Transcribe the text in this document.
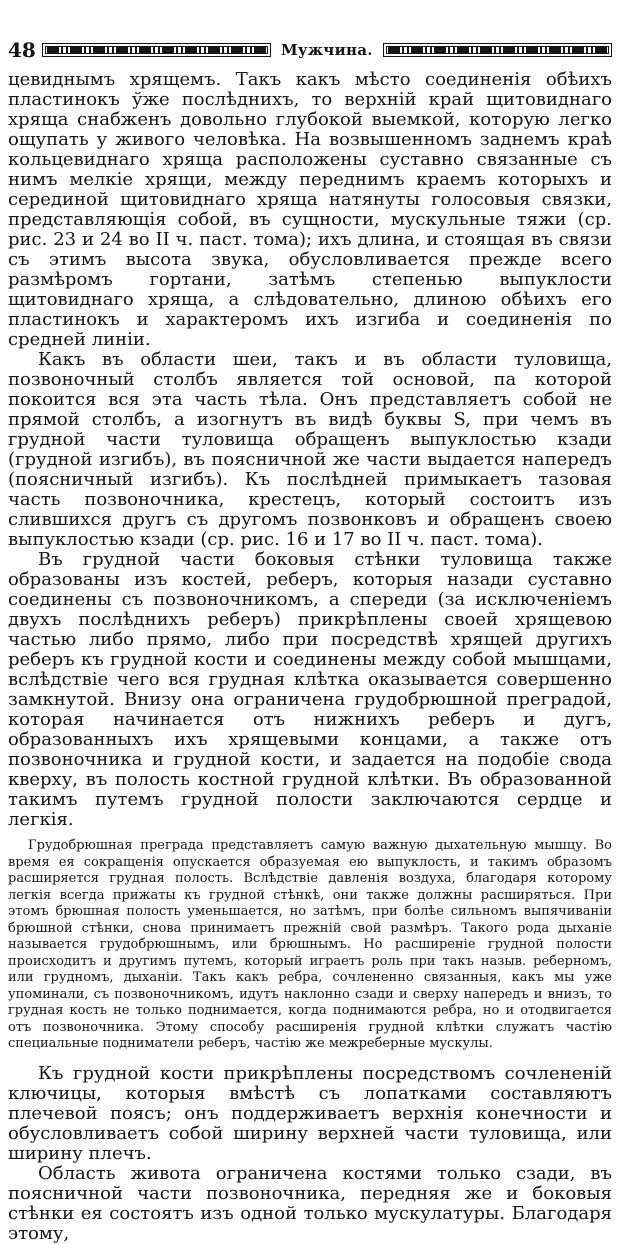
48	Мужчина.

цевиднымъ хрящемъ. Такъ какъ мѣсто соединенія обѣихъ пластинокъ ўже послѣднихъ, то верхній край щитовиднаго хряща снабженъ довольно глубокой выемкой, которую легко ощупать у живого человѣка. На возвышенномъ заднемъ краѣ кольцевиднаго хряща расположены суставно связанные съ нимъ мелкіе хрящи, между переднимъ краемъ которыхъ и серединой щитовиднаго хряща натянуты голосовыя связки, представляющія собой, въ сущности, мускульные тяжи (ср. рис. 23 и 24 во II ч. паст. тома); ихъ длина, и стоящая въ связи съ этимъ высота звука, обусловливается прежде всего размѣромъ гортани, затѣмъ степенью выпуклости щитовиднаго хряща, а слѣдовательно, длиною обѣихъ его пластинокъ и характеромъ ихъ изгиба и соединенія по средней линіи.

Какъ въ области шеи, такъ и въ области туловища, позвоночный столбъ является той основой, па которой покоится вся эта часть тѣла. Онъ представляетъ собой не прямой столбъ, а изогнутъ въ видѣ буквы S, при чемъ въ грудной части туловища обращенъ выпуклостью кзади (грудной изгибъ), въ поясничной же части выдается напередъ (поясничный изгибъ). Къ послѣдней примыкаетъ тазовая часть позвоночника, крестецъ, который состоитъ изъ слившихся другъ съ другомъ позвонковъ и обращенъ своею выпуклостью кзади (ср. рис. 16 и 17 во II ч. паст. тома).

Въ грудной части боковыя стѣнки туловища также образованы изъ костей, реберъ, которыя назади суставно соединены съ позвоночникомъ, а спереди (за исключеніемъ двухъ послѣднихъ реберъ) прикрѣплены своей хрящевою частью либо прямо, либо при посредствѣ хрящей другихъ реберъ къ грудной кости и соединены между собой мышцами, вслѣдствіе чего вся грудная клѣтка оказывается совершенно замкнутой. Внизу она ограничена грудобрюшной преградой, которая начинается отъ нижнихъ реберъ и дугъ, образованныхъ ихъ хрящевыми концами, а также отъ позвоночника и грудной кости, и задается на подобіе свода кверху, въ полость костной грудной клѣтки. Въ образованной такимъ путемъ грудной полости заключаются сердце и легкія.

Грудобрюшная преграда представляетъ самую важную дыхательную мышцу. Во время ея сокращенія опускается образуемая ею выпуклость, и такимъ образомъ расширяется грудная полость. Вслѣдствіе давленія воздуха, благодаря которому легкія всегда прижаты къ грудной стѣнкѣ, они также должны расширяться. При этомъ брюшная полость уменьшается, но затѣмъ, при болѣе сильномъ выпячиваніи брюшной стѣнки, снова принимаетъ прежній свой размѣръ. Такого рода дыханіе называется грудобрюшнымъ, или брюшнымъ. Но расширеніе грудной полости происходитъ и другимъ путемъ, который играетъ роль при такъ назыв. реберномъ, или грудномъ, дыханіи. Такъ какъ ребра, сочлененно связанныя, какъ мы уже упоминали, съ позвоночникомъ, идутъ наклонно сзади и сверху напередъ и внизъ, то грудная кость не только поднимается, когда поднимаются ребра, но и отодвигается отъ позвоночника. Этому способу расширенія грудной клѣтки служатъ частію специальные подниматели реберъ, частію же межреберные мускулы.

Къ грудной кости прикрѣплены посредствомъ сочлененій ключицы, которыя вмѣстѣ съ лопатками составляютъ плечевой поясъ; онъ поддерживаетъ верхнія конечности и обусловливаетъ собой ширину верхней части туловища, или ширину плечъ.

Область живота ограничена костями только сзади, въ поясничной части позвоночника, передняя же и боковыя стѣнки ея состоятъ изъ одной только мускулатуры. Благодаря этому,
